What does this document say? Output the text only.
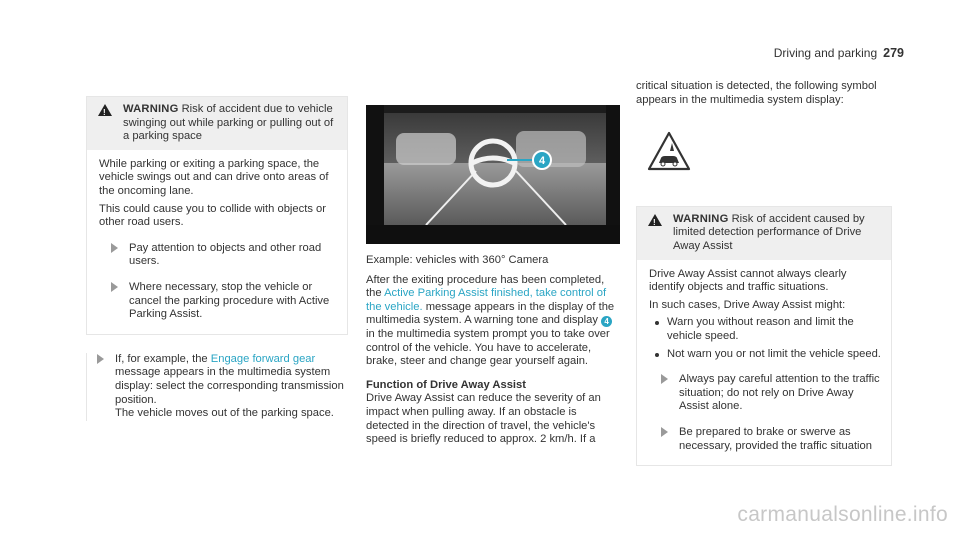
Driving and parking 279
!
WARNING Risk of accident due to vehicle swinging out while parking or pulling out of a parking space

While parking or exiting a parking space, the vehicle swings out and can drive onto areas of the oncoming lane.

This could cause you to collide with objects or other road users.

Pay attention to objects and other road users.
Where necessary, stop the vehicle or cancel the parking procedure with Active Parking Assist.
If, for example, the Engage forward gear message appears in the multimedia system display: select the corresponding transmission position.
The vehicle moves out of the parking space.
4
Example: vehicles with 360° Camera
After the exiting procedure has been completed, the Active Parking Assist finished, take control of the vehicle. message appears in the display of the multimedia system. A warning tone and display 4 in the multimedia system prompt you to take over control of the vehicle. You have to accelerate, brake, steer and change gear yourself again.
Function of Drive Away Assist
Drive Away Assist can reduce the severity of an impact when pulling away. If an obstacle is detected in the direction of travel, the vehicle's speed is briefly reduced to approx. 2 km/h. If a
critical situation is detected, the following symbol appears in the multimedia system display:
!
WARNING Risk of accident caused by limited detection performance of Drive Away Assist

Drive Away Assist cannot always clearly identify objects and traffic situations.

In such cases, Drive Away Assist might:

Warn you without reason and limit the vehicle speed.
Not warn you or not limit the vehicle speed.
Always pay careful attention to the traffic situation; do not rely on Drive Away Assist alone.
Be prepared to brake or swerve as necessary, provided the traffic situation
carmanualsonline.info
